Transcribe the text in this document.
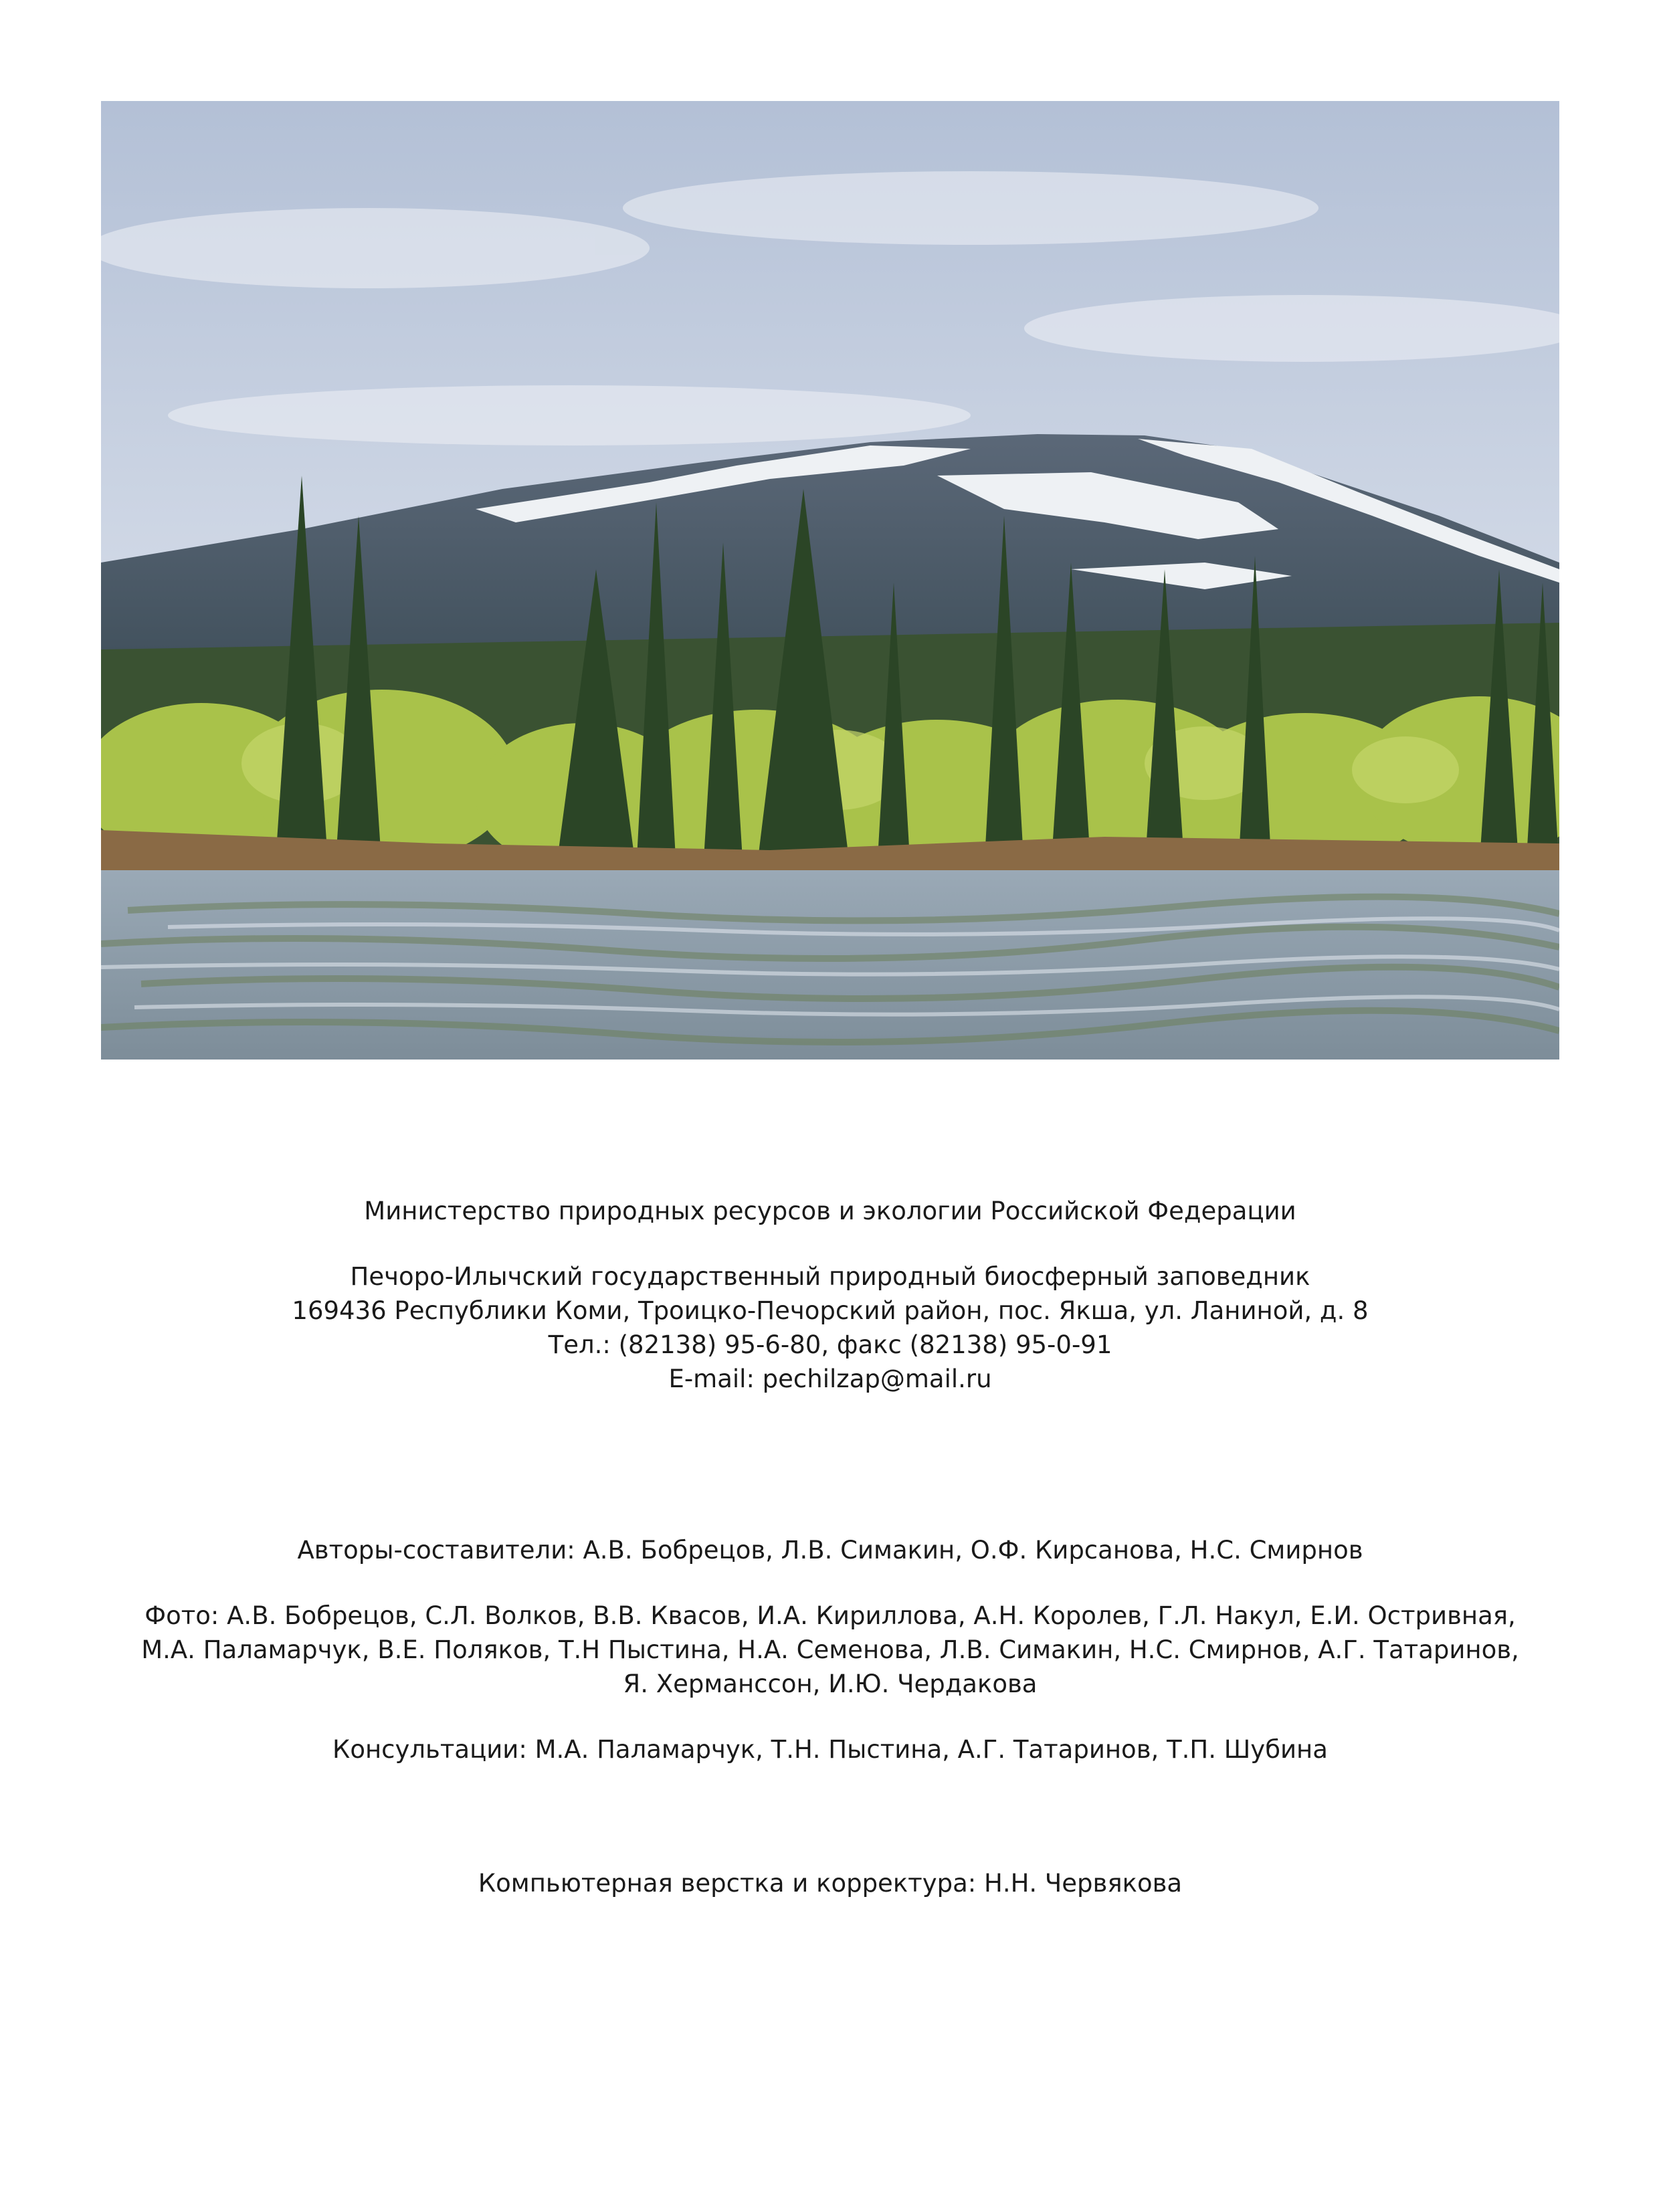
Министерство природных ресурсов и экологии Российской Федерации

Печоро-Илычский государственный природный биосферный заповедник

169436 Республики Коми, Троицко-Печорский район, пос. Якша, ул. Ланиной, д. 8

Тел.: (82138) 95-6-80, факс (82138) 95-0-91

E-mail: pechilzap@mail.ru

Авторы-составители: А.В. Бобрецов, Л.В. Симакин, О.Ф. Кирсанова, Н.С. Смирнов

Фото: А.В. Бобрецов, С.Л. Волков, В.В. Квасов, И.А. Кириллова, А.Н. Королев, Г.Л. Накул, Е.И. Остривная,

М.А. Паламарчук, В.Е. Поляков, Т.Н Пыстина, Н.А. Семенова, Л.В. Симакин, Н.С. Смирнов, А.Г. Татаринов,

Я. Херманссон, И.Ю. Чердакова

Консультации: М.А. Паламарчук, Т.Н. Пыстина, А.Г. Татаринов, Т.П. Шубина

Компьютерная верстка и корректура: Н.Н. Червякова
